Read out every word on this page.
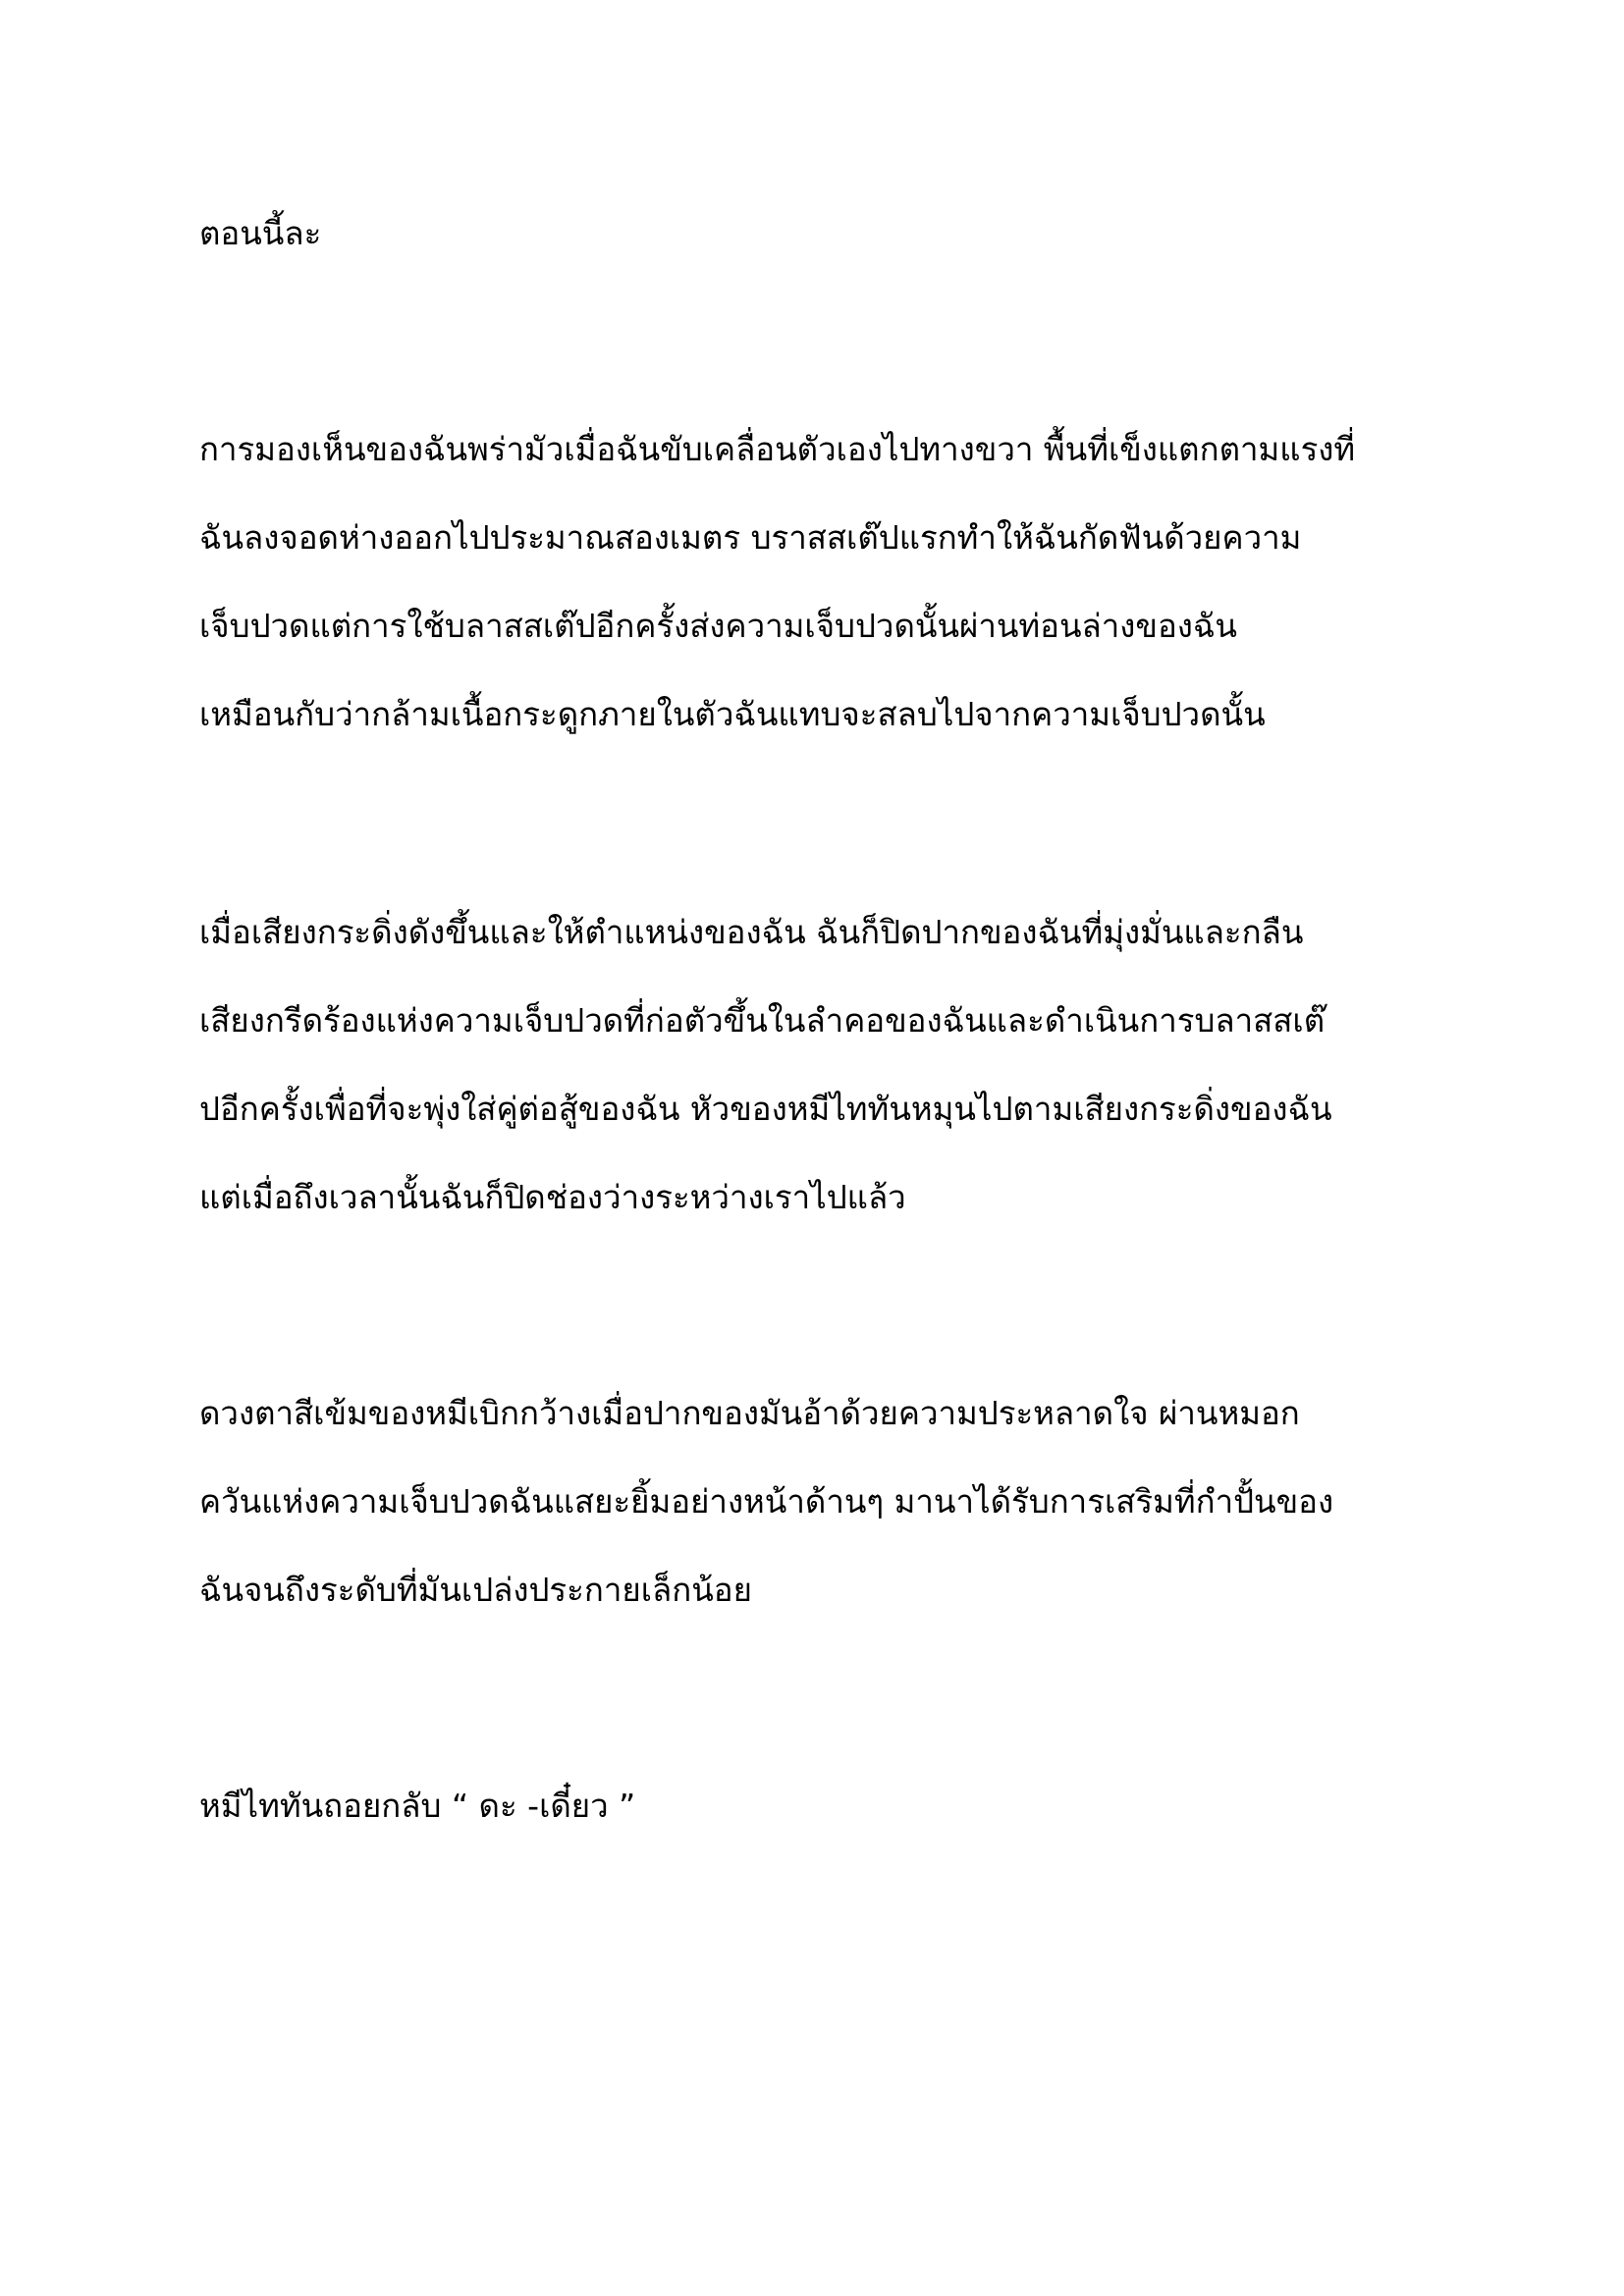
ตอนนี้ละ

การมองเห็นของฉันพร่ามัวเมื่อฉันขับเคลื่อนตัวเองไปทางขวา พื้นที่เข็งแตกตามแรงที่

ฉันลงจอดห่างออกไปประมาณสองเมตร บราสสเต๊ปแรกทำให้ฉันกัดฟันด้วยความ

เจ็บปวดแต่การใช้บลาสสเต๊ปอีกครั้งส่งความเจ็บปวดนั้นผ่านท่อนล่างของฉัน

เหมือนกับว่ากล้ามเนื้อกระดูกภายในตัวฉันแทบจะสลบไปจากความเจ็บปวดนั้น

เมื่อเสียงกระดิ่งดังขึ้นและให้ตำแหน่งของฉัน ฉันก็ปิดปากของฉันที่มุ่งมั่นและกลืน

เสียงกรีดร้องแห่งความเจ็บปวดที่ก่อตัวขึ้นในลำคอของฉันและดำเนินการบลาสสเต๊

ปอีกครั้งเพื่อที่จะพุ่งใส่คู่ต่อสู้ของฉัน หัวของหมีไททันหมุนไปตามเสียงกระดิ่งของฉัน

แต่เมื่อถึงเวลานั้นฉันก็ปิดช่องว่างระหว่างเราไปแล้ว

ดวงตาสีเข้มของหมีเบิกกว้างเมื่อปากของมันอ้าด้วยความประหลาดใจ ผ่านหมอก

ควันแห่งความเจ็บปวดฉันแสยะยิ้มอย่างหน้าด้านๆ มานาได้รับการเสริมที่กำปั้นของ

ฉันจนถึงระดับที่มันเปล่งประกายเล็กน้อย

หมีไททันถอยกลับ “ ดะ -เดี๋ยว ”
